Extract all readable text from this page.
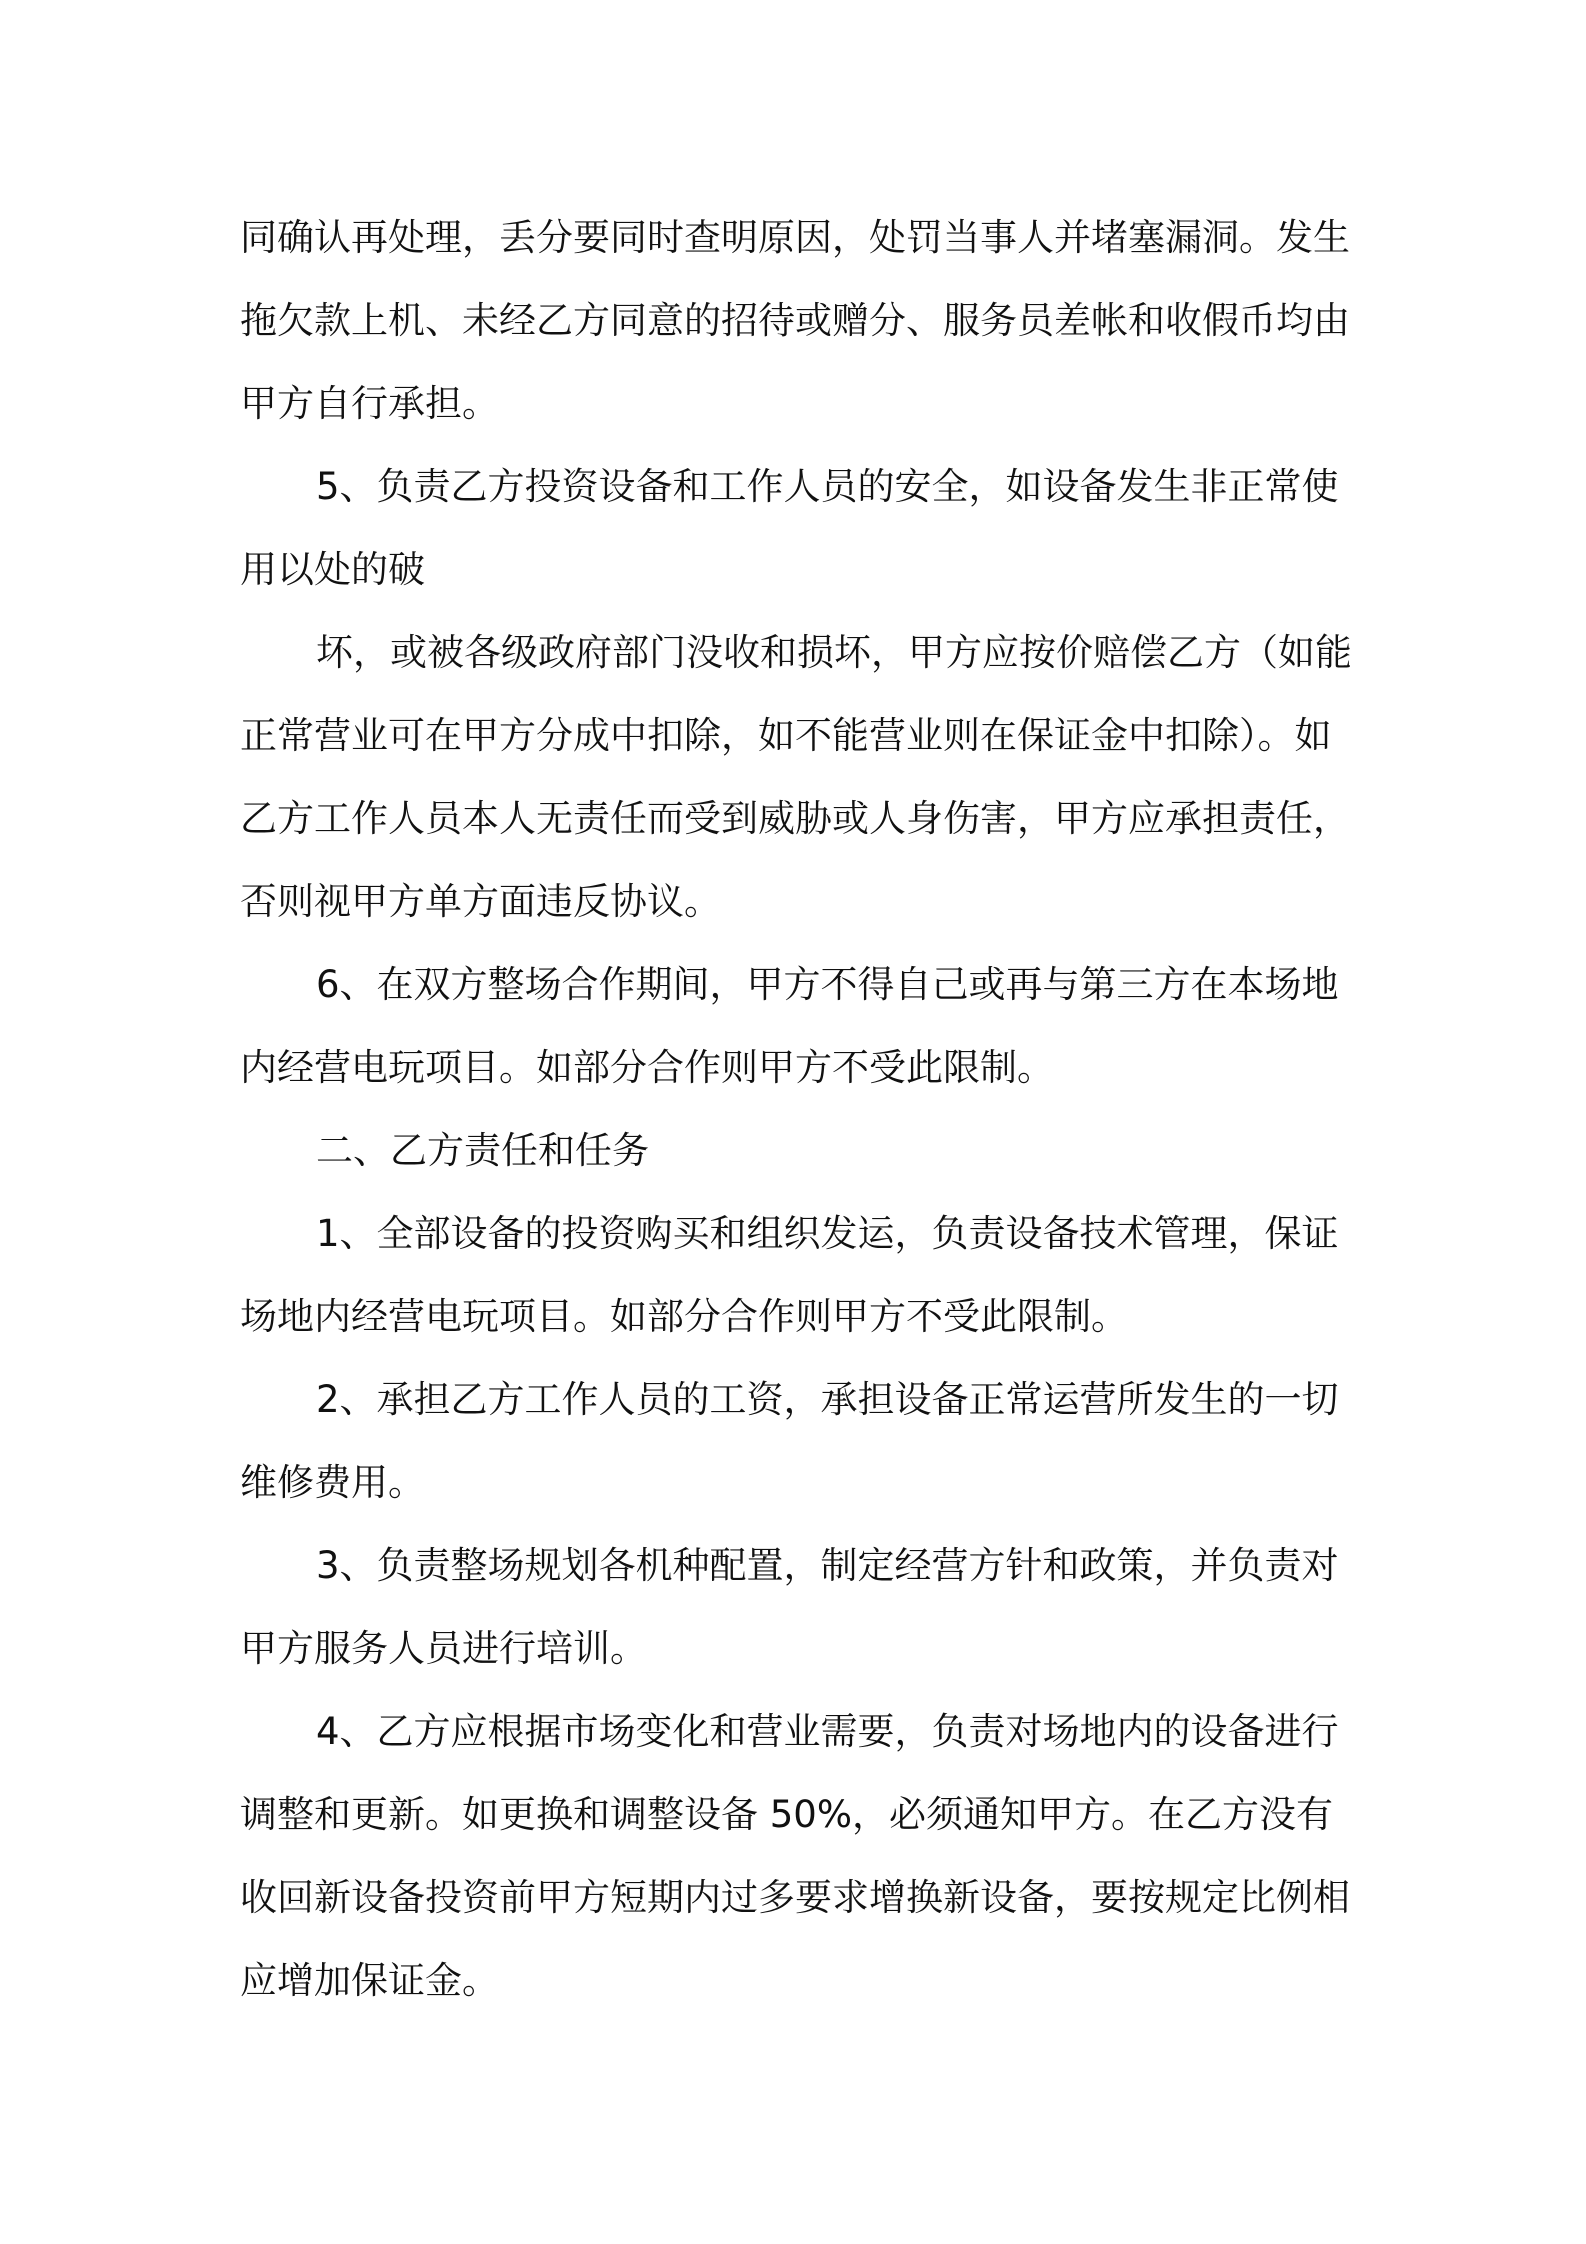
同确认再处理，丢分要同时查明原因，处罚当事人并堵塞漏洞。发生拖欠款上机、未经乙方同意的招待或赠分、服务员差帐和收假币均由甲方自行承担。

5、负责乙方投资设备和工作人员的安全，如设备发生非正常使用以处的破

坏，或被各级政府部门没收和损坏，甲方应按价赔偿乙方（如能正常营业可在甲方分成中扣除，如不能营业则在保证金中扣除）。如乙方工作人员本人无责任而受到威胁或人身伤害，甲方应承担责任，否则视甲方单方面违反协议。

6、在双方整场合作期间，甲方不得自己或再与第三方在本场地内经营电玩项目。如部分合作则甲方不受此限制。

二、乙方责任和任务

1、全部设备的投资购买和组织发运，负责设备技术管理，保证场地内经营电玩项目。如部分合作则甲方不受此限制。

2、承担乙方工作人员的工资，承担设备正常运营所发生的一切维修费用。

3、负责整场规划各机种配置，制定经营方针和政策，并负责对甲方服务人员进行培训。

4、乙方应根据市场变化和营业需要，负责对场地内的设备进行调整和更新。如更换和调整设备 50%，必须通知甲方。在乙方没有收回新设备投资前甲方短期内过多要求增换新设备，要按规定比例相应增加保证金。
